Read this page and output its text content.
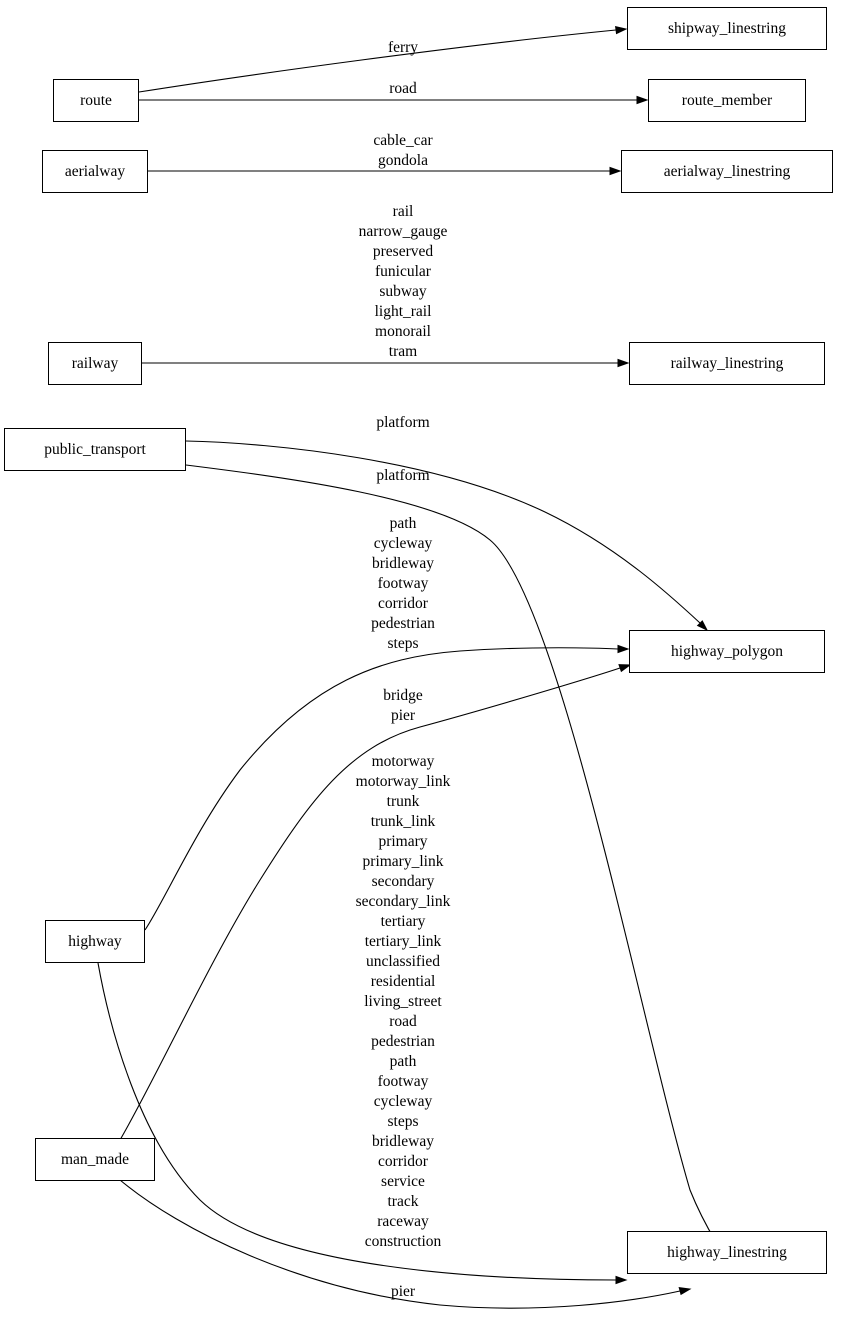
route
shipway_linestring
route_member
aerialway	aerialway_linestring
railway	railway_linestring
public_transport
highway_polygon
highway
man_made
highway_linestring
ferry
road
cable_car
gondola
rail
narrow_gauge
preserved
funicular
subway
light_rail
monorail
tram
platform
platform
path
cycleway
bridleway
footway
corridor
pedestrian
steps
bridge
pier
motorway
motorway_link
trunk
trunk_link
primary
primary_link
secondary
secondary_link
tertiary
tertiary_link
unclassified
residential
living_street
road
pedestrian
path
footway
cycleway
steps
bridleway
corridor
service
track
raceway
construction
pier
